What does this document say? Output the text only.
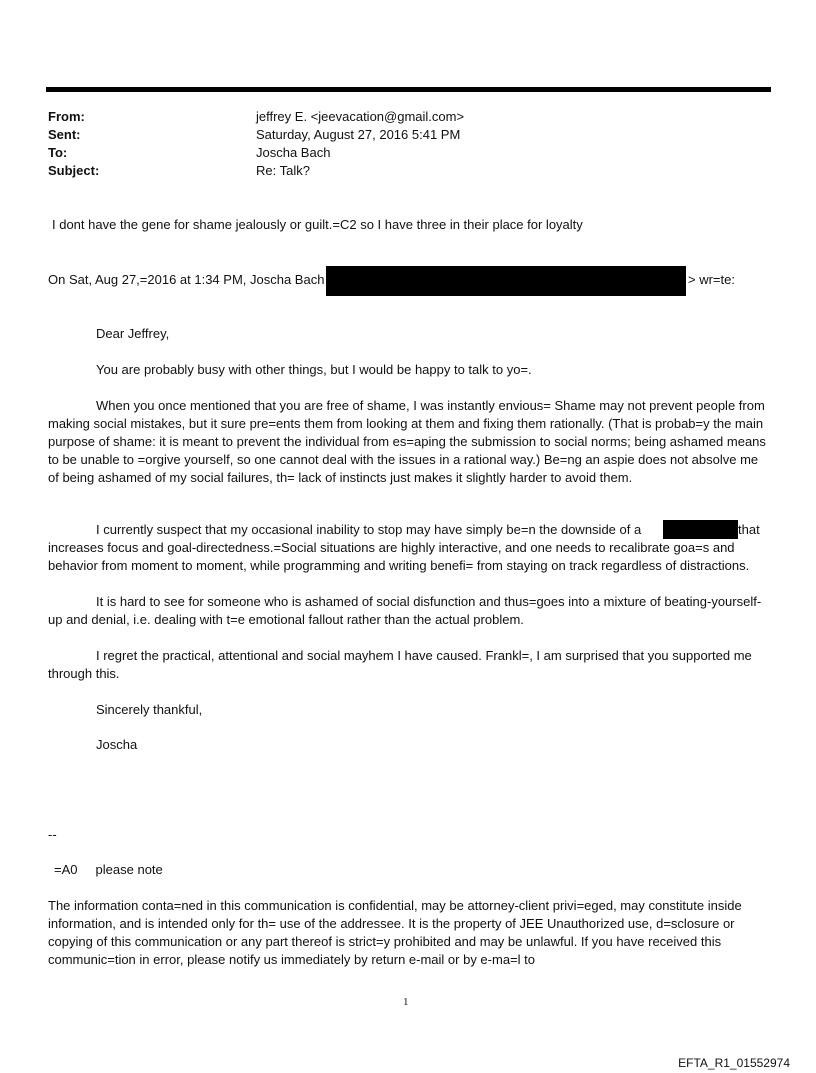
From:	jeffrey E. <jeevacation@gmail.com>
Sent:	Saturday, August 27, 2016 5:41 PM
To:	Joscha Bach
Subject:	Re: Talk?

I dont have the gene for shame jealously or guilt.=C2 so I have three in their place for loyalty

On Sat, Aug 27,=2016 at 1:34 PM, Joscha Bach	> wr=te:

Dear Jeffrey,

You are probably busy with other things, but I would be happy to talk to yo=.

When you once mentioned that you are free of shame, I was instantly envious= Shame may not prevent people from making social mistakes, but it sure pre=ents them from looking at them and fixing them rationally. (That is probab=y the main purpose of shame: it is meant to prevent the individual from es=aping the submission to social norms; being ashamed means to be unable to =orgive yourself, so one cannot deal with the issues in a rational way.) Be=ng an aspie does not absolve me of being ashamed of my social failures, th= lack of instincts just makes it slightly harder to avoid them.

I currently suspect that my occasional inability to stop may have simply be=n the downside of a	that

increases focus and goal-directedness.=Social situations are highly interactive, and one needs to recalibrate goa=s and behavior from moment to moment, while programming and writing benefi= from staying on track regardless of distractions.

It is hard to see for someone who is ashamed of social disfunction and thus=goes into a mixture of beating-yourself-up and denial, i.e. dealing with t=e emotional fallout rather than the actual problem.

I regret the practical, attentional and social mayhem I have caused. Frankl=, I am surprised that you supported me through this.

Sincerely thankful,

Joscha

--

=A0     please note

The information conta=ned in this communication is confidential, may be attorney-client privi=eged, may constitute inside information, and is intended only for th= use of the addressee. It is the property of JEE Unauthorized use, d=sclosure or copying of this communication or any part thereof is strict=y prohibited and may be unlawful. If you have received this communic=tion in error, please notify us immediately by return e-mail or by e-ma=l to

1
EFTA_R1_01552974
